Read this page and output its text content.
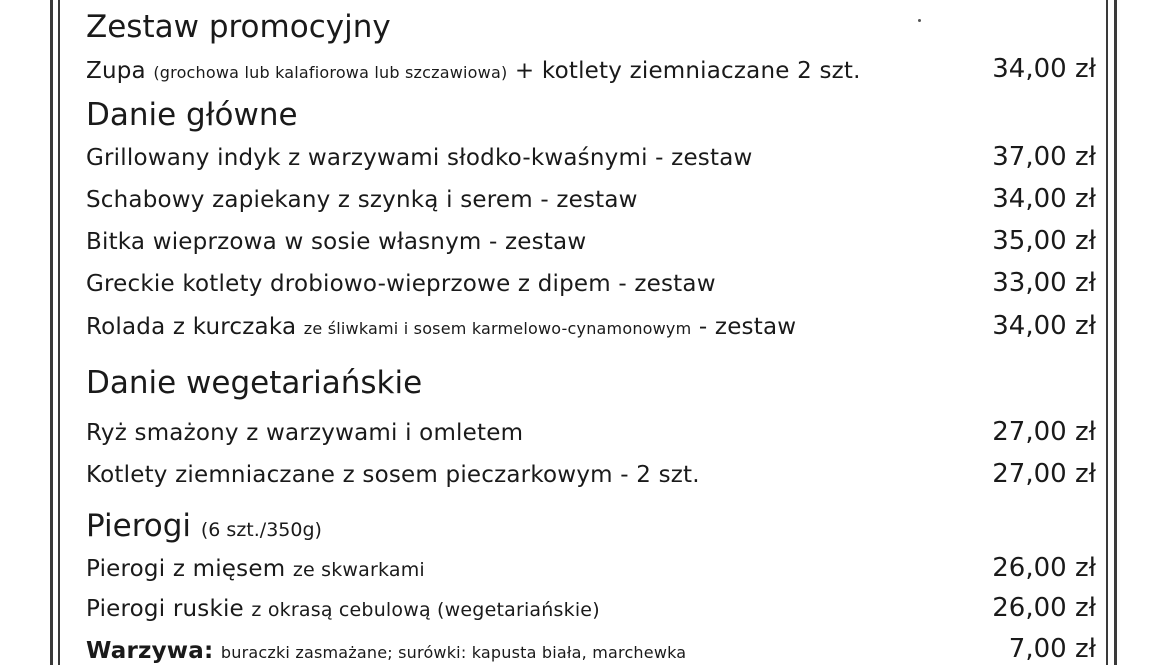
Zestaw promocyjny
Zupa (grochowa lub kalafiorowa lub szczawiowa) + kotlety ziemniaczane 2 szt.	34,00 zł
Danie główne
Grillowany indyk z warzywami słodko-kwaśnymi - zestaw	37,00 zł
Schabowy zapiekany z szynką i serem - zestaw	34,00 zł
Bitka wieprzowa w sosie własnym - zestaw	35,00 zł
Greckie kotlety drobiowo-wieprzowe z dipem - zestaw	33,00 zł
Rolada z kurczaka ze śliwkami i sosem karmelowo-cynamonowym - zestaw	34,00 zł
Danie wegetariańskie
Ryż smażony z warzywami i omletem	27,00 zł
Kotlety ziemniaczane z sosem pieczarkowym - 2 szt.	27,00 zł
Pierogi (6 szt./350g)
Pierogi z mięsem ze skwarkami	26,00 zł
Pierogi ruskie z okrasą cebulową (wegetariańskie)	26,00 zł
Warzywa: buraczki zasmażane; surówki: kapusta biała, marchewka	7,00 zł
